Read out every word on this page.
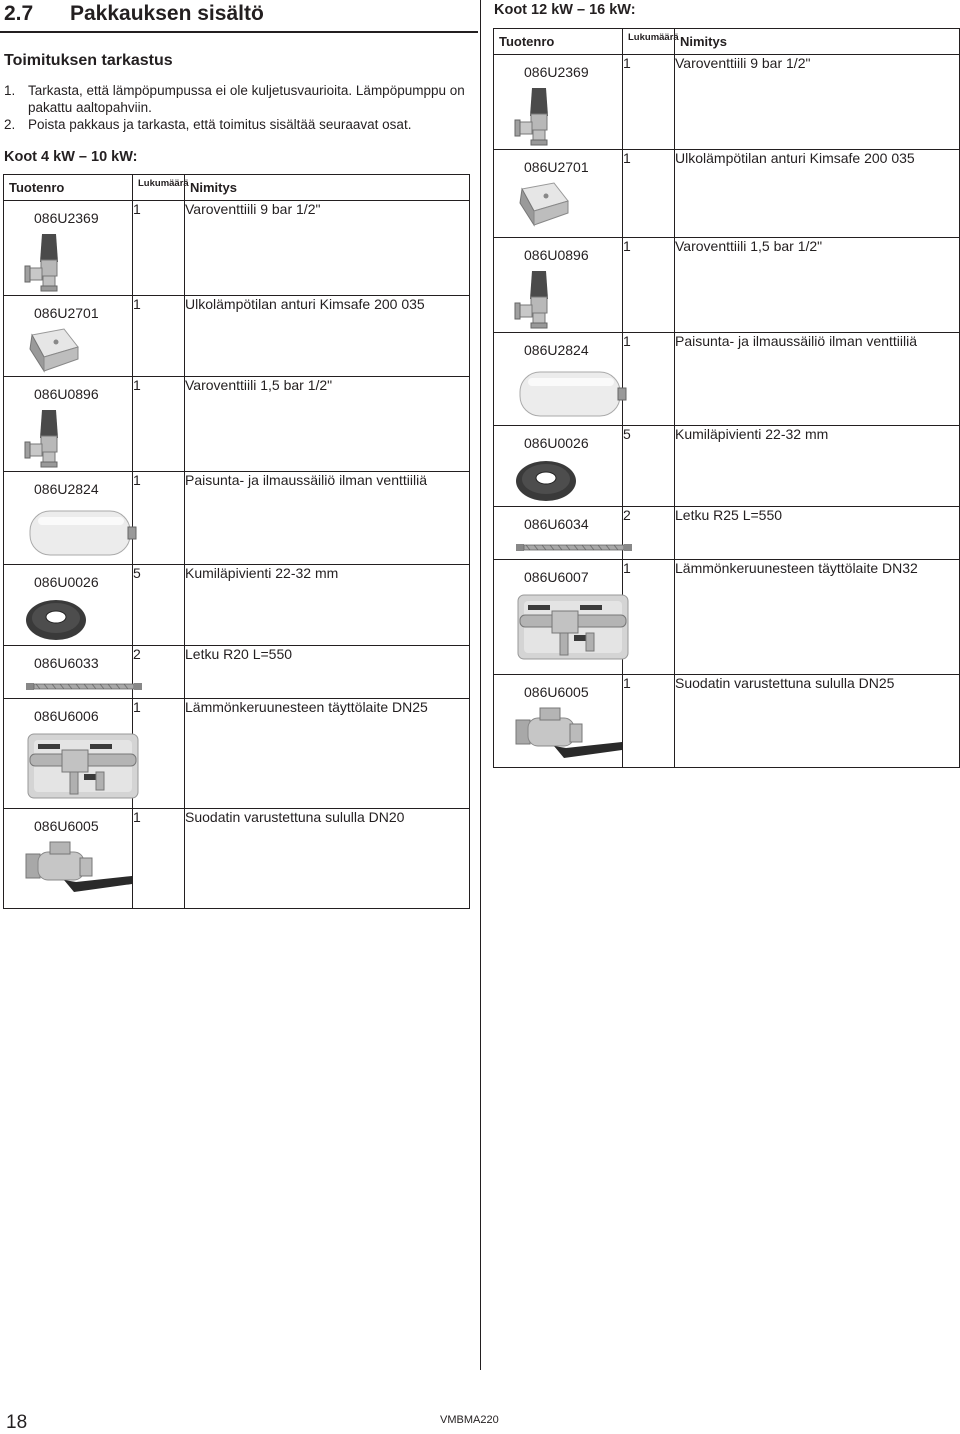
2.7 Pakkauksen sisältö
Toimituksen tarkastus
1. Tarkasta, että lämpöpumpussa ei ole kuljetusvaurioita. Lämpöpumppu on pakattu aaltopahviin.
2. Poista pakkaus ja tarkasta, että toimitus sisältää seuraavat osat.
Koot 4 kW – 10 kW:
Koot 12 kW – 16 kW:
Tuotenro	Lukumäärä	Nimitys

086U2369	1	Varoventtiili 9 bar 1/2"

086U2701	1	Ulkolämpötilan anturi Kimsafe 200 035

086U0896	1	Varoventtiili 1,5 bar 1/2"

086U2824	1	Paisunta- ja ilmaussäiliö ilman venttiiliä

086U0026	5	Kumiläpivienti 22-32 mm

086U6033	2	Letku R20 L=550

086U6006	1	Lämmönkeruunesteen täyttölaite DN25

086U6005	1	Suodatin varustettuna sululla DN20
Tuotenro	Lukumäärä	Nimitys

086U2369	1	Varoventtiili 9 bar 1/2"

086U2701	1	Ulkolämpötilan anturi Kimsafe 200 035

086U0896	1	Varoventtiili 1,5 bar 1/2"

086U2824	1	Paisunta- ja ilmaussäiliö ilman venttiiliä

086U0026	5	Kumiläpivienti 22-32 mm

086U6034	2	Letku R25 L=550

086U6007	1	Lämmönkeruunesteen täyttölaite DN32

086U6005	1	Suodatin varustettuna sululla DN25
18	VMBMA220
